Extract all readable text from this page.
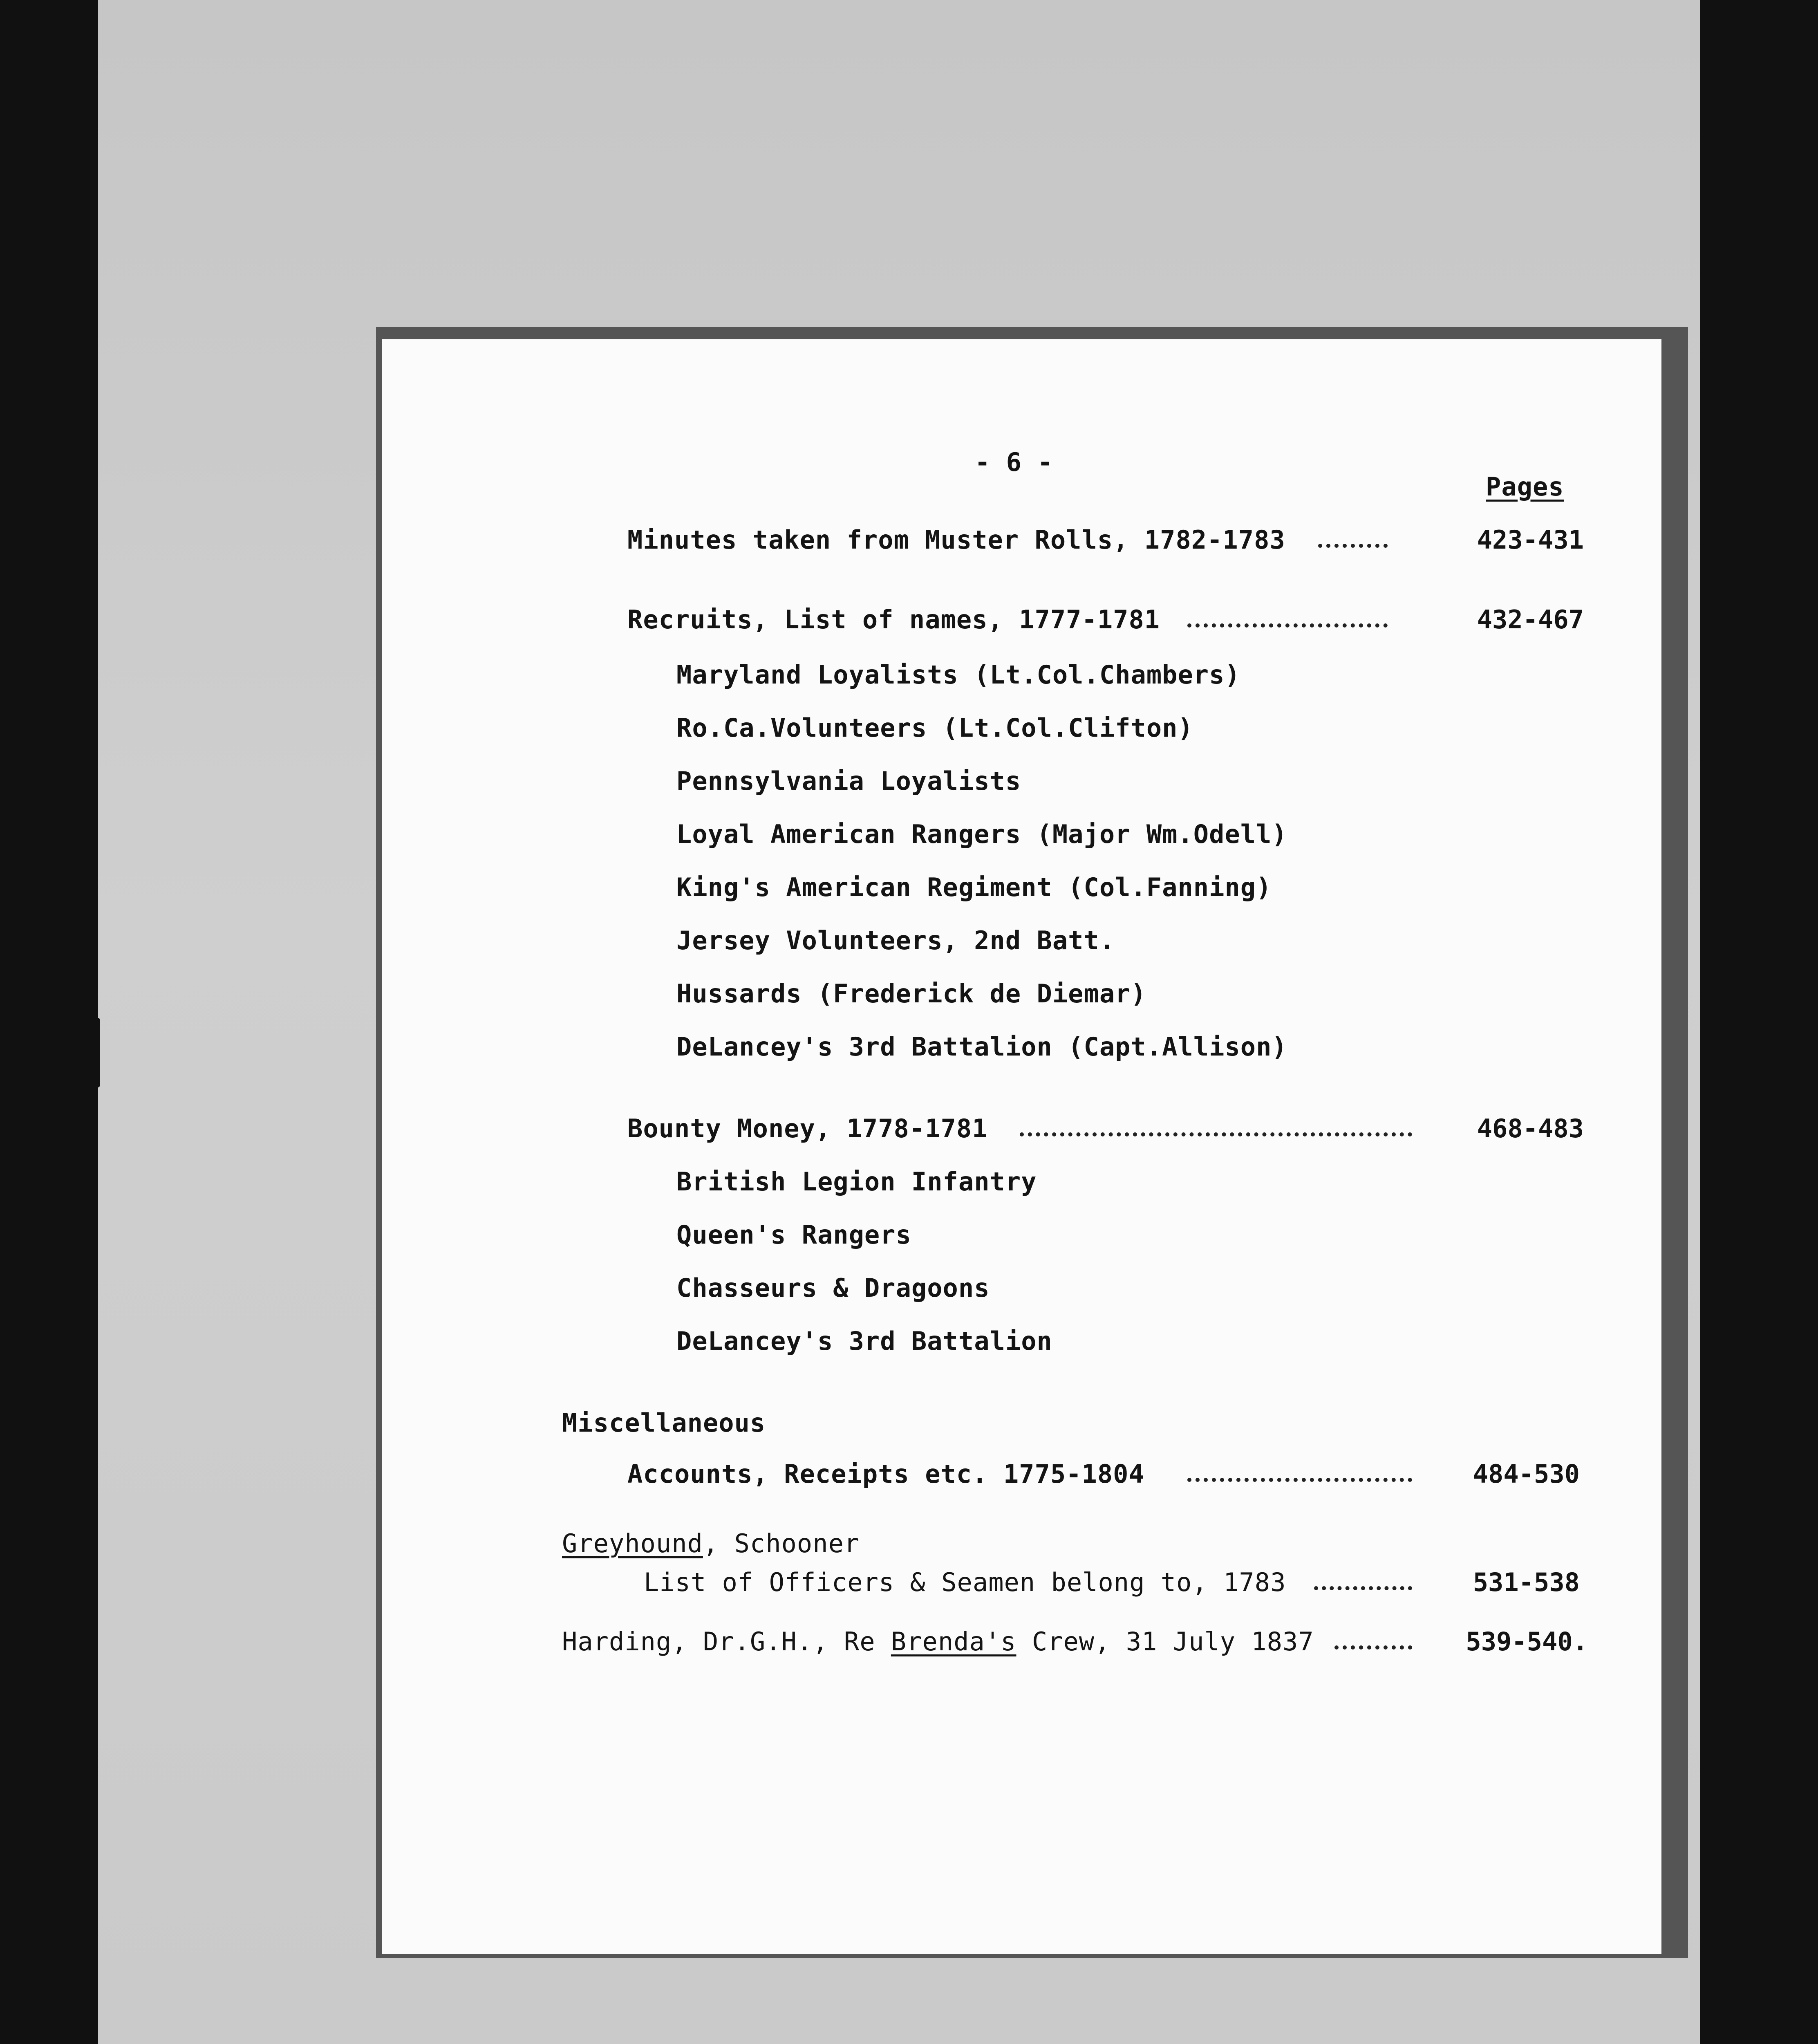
- 6 -
Pages
Minutes taken from Muster Rolls, 1782-1783	423-431
Recruits, List of names, 1777-1781	432-467
Maryland Loyalists (Lt.Col.Chambers)
Ro.Ca.Volunteers (Lt.Col.Clifton)
Pennsylvania Loyalists
Loyal American Rangers (Major Wm.Odell)
King's American Regiment (Col.Fanning)
Jersey Volunteers, 2nd Batt.
Hussards (Frederick de Diemar)
DeLancey's 3rd Battalion (Capt.Allison)
Bounty Money, 1778-1781	468-483
British Legion Infantry
Queen's Rangers
Chasseurs & Dragoons
DeLancey's 3rd Battalion
Miscellaneous
Accounts, Receipts etc. 1775-1804	484-530
Greyhound, Schooner
List of Officers & Seamen belong to, 1783	531-538
Harding, Dr.G.H., Re Brenda's Crew, 31 July 1837	539-540.
